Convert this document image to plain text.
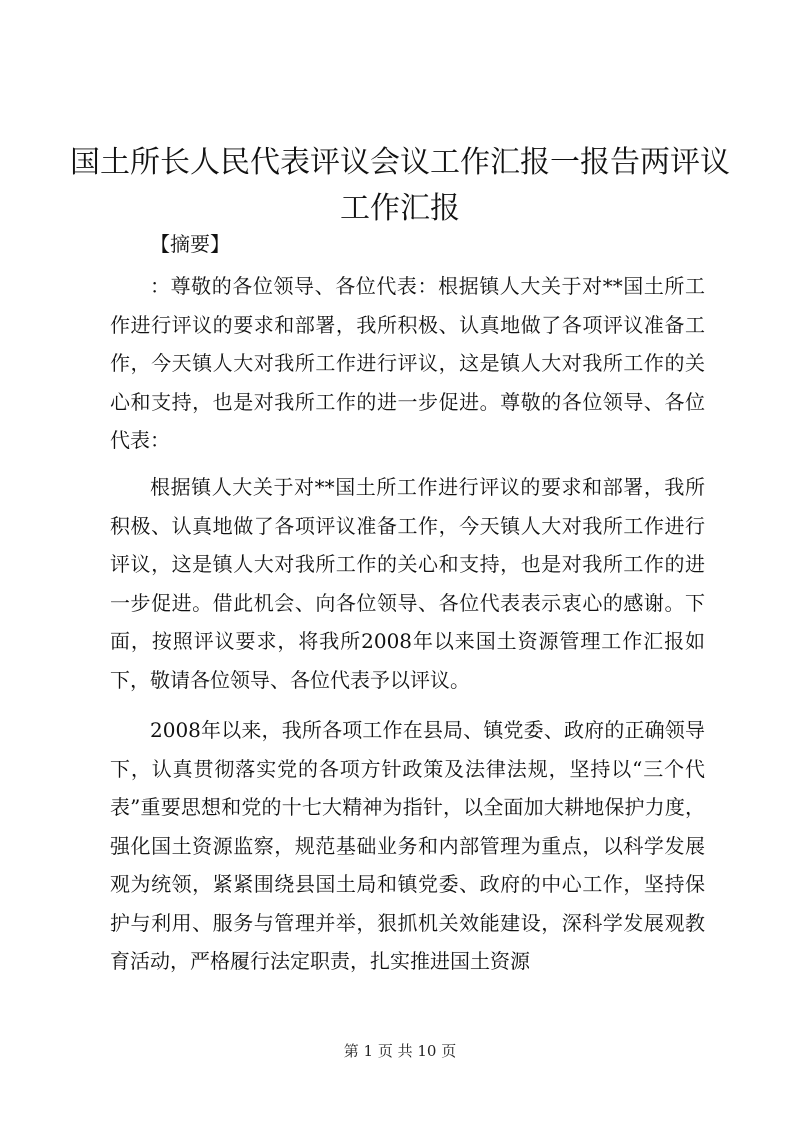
国土所长人民代表评议会议工作汇报一报告两评议工作汇报

【摘要】

：尊敬的各位领导、各位代表：根据镇人大关于对**国土所工作进行评议的要求和部署，我所积极、认真地做了各项评议准备工作，今天镇人大对我所工作进行评议，这是镇人大对我所工作的关心和支持，也是对我所工作的进一步促进。尊敬的各位领导、各位代表：

根据镇人大关于对**国土所工作进行评议的要求和部署，我所积极、认真地做了各项评议准备工作，今天镇人大对我所工作进行评议，这是镇人大对我所工作的关心和支持，也是对我所工作的进一步促进。借此机会、向各位领导、各位代表表示衷心的感谢。下面，按照评议要求，将我所2008年以来国土资源管理工作汇报如下，敬请各位领导、各位代表予以评议。

2008年以来，我所各项工作在县局、镇党委、政府的正确领导下，认真贯彻落实党的各项方针政策及法律法规，坚持以“三个代表”重要思想和党的十七大精神为指针，以全面加大耕地保护力度，强化国土资源监察，规范基础业务和内部管理为重点，以科学发展观为统领，紧紧围绕县国土局和镇党委、政府的中心工作，坚持保护与利用、服务与管理并举，狠抓机关效能建设，深科学发展观教育活动，严格履行法定职责，扎实推进国土资源

第 1 页 共 10 页
